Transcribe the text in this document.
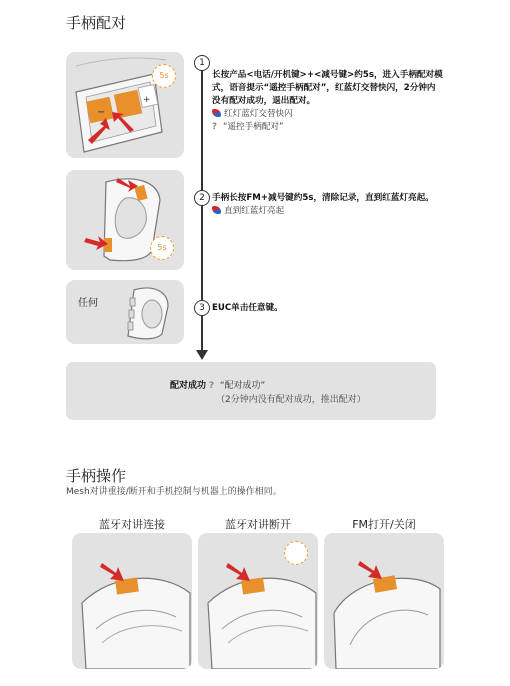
手柄配对
−
+
5s
5s
任何
1
长按产品<电话/开机键>+<减号键>约5s，进入手柄配对模式，语音提示“遥控手柄配对”，红蓝灯交替快闪，2分钟内没有配对成功，退出配对。
红灯蓝灯交替快闪
? “遥控手柄配对”
2 手柄长按FM+减号键约5s，清除记录，直到红蓝灯亮起。
直到红蓝灯亮起
3 EUC单击任意键。
配对成功 ? “配对成功”
（2分钟内没有配对成功，推出配对）
手柄操作
Mesh对讲重接/断开和手机控制与机器上的操作相同。
蓝牙对讲连接	蓝牙对讲断开	FM打开/关闭
